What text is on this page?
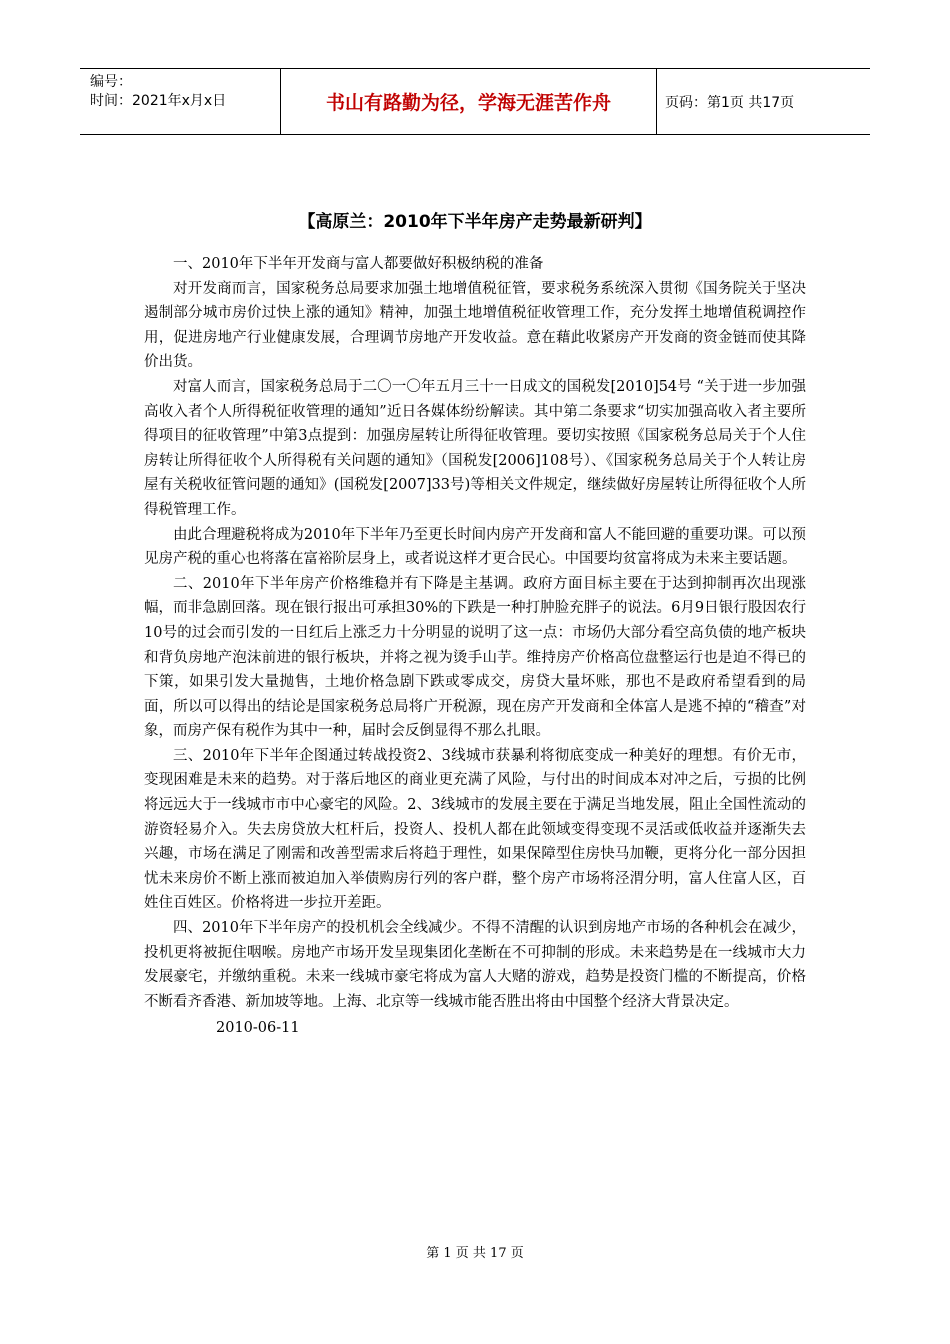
编号：
时间：2021年x月x日	书山有路勤为径，学海无涯苦作舟	页码：第1页 共17页
【高原兰：2010年下半年房产走势最新研判】

一、2010年下半年开发商与富人都要做好积极纳税的准备

对开发商而言，国家税务总局要求加强土地增值税征管，要求税务系统深入贯彻《国务院关于坚决遏制部分城市房价过快上涨的通知》精神，加强土地增值税征收管理工作，充分发挥土地增值税调控作用，促进房地产行业健康发展，合理调节房地产开发收益。意在藉此收紧房产开发商的资金链而使其降价出货。

对富人而言，国家税务总局于二〇一〇年五月三十一日成文的国税发[2010]54号 “关于进一步加强高收入者个人所得税征收管理的通知”近日各媒体纷纷解读。其中第二条要求“切实加强高收入者主要所得项目的征收管理”中第3点提到：加强房屋转让所得征收管理。要切实按照《国家税务总局关于个人住房转让所得征收个人所得税有关问题的通知》（国税发[2006]108号）、《国家税务总局关于个人转让房屋有关税收征管问题的通知》(国税发[2007]33号)等相关文件规定，继续做好房屋转让所得征收个人所得税管理工作。

由此合理避税将成为2010年下半年乃至更长时间内房产开发商和富人不能回避的重要功课。可以预见房产税的重心也将落在富裕阶层身上，或者说这样才更合民心。中国要均贫富将成为未来主要话题。

二、2010年下半年房产价格维稳并有下降是主基调。政府方面目标主要在于达到抑制再次出现涨幅，而非急剧回落。现在银行报出可承担30%的下跌是一种打肿脸充胖子的说法。6月9日银行股因农行10号的过会而引发的一日红后上涨乏力十分明显的说明了这一点：市场仍大部分看空高负债的地产板块和背负房地产泡沫前进的银行板块，并将之视为烫手山芋。维持房产价格高位盘整运行也是迫不得已的下策，如果引发大量抛售，土地价格急剧下跌或零成交，房贷大量坏账，那也不是政府希望看到的局面，所以可以得出的结论是国家税务总局将广开税源，现在房产开发商和全体富人是逃不掉的“稽查”对象，而房产保有税作为其中一种，届时会反倒显得不那么扎眼。

三、2010年下半年企图通过转战投资2、3线城市获暴利将彻底变成一种美好的理想。有价无市，变现困难是未来的趋势。对于落后地区的商业更充满了风险，与付出的时间成本对冲之后，亏损的比例将远远大于一线城市市中心豪宅的风险。2、3线城市的发展主要在于满足当地发展，阻止全国性流动的游资轻易介入。失去房贷放大杠杆后，投资人、投机人都在此领域变得变现不灵活或低收益并逐渐失去兴趣，市场在满足了刚需和改善型需求后将趋于理性，如果保障型住房快马加鞭，更将分化一部分因担忧未来房价不断上涨而被迫加入举债购房行列的客户群，整个房产市场将泾渭分明，富人住富人区，百姓住百姓区。价格将进一步拉开差距。

四、2010年下半年房产的投机机会全线减少。不得不清醒的认识到房地产市场的各种机会在减少，投机更将被扼住咽喉。房地产市场开发呈现集团化垄断在不可抑制的形成。未来趋势是在一线城市大力发展豪宅，并缴纳重税。未来一线城市豪宅将成为富人大赌的游戏，趋势是投资门槛的不断提高，价格不断看齐香港、新加坡等地。上海、北京等一线城市能否胜出将由中国整个经济大背景决定。

2010-06-11

第 1 页 共 17 页
